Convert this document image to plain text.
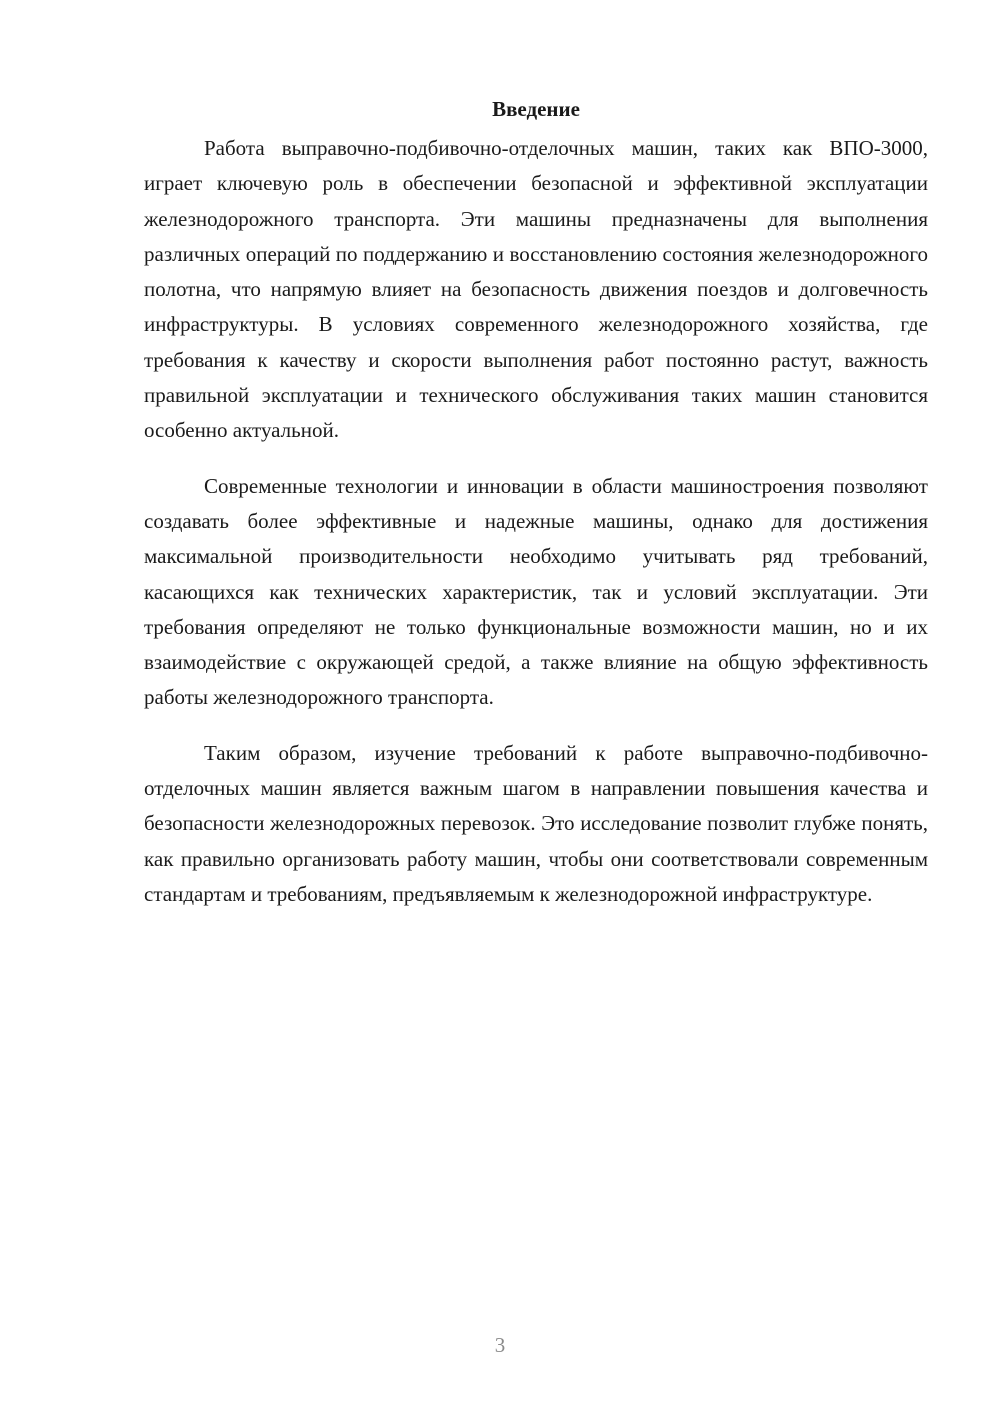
Введение

Работа выправочно-подбивочно-отделочных машин, таких как ВПО-3000, играет ключевую роль в обеспечении безопасной и эффективной эксплуатации железнодорожного транспорта. Эти машины предназначены для выполнения различных операций по поддержанию и восстановлению состояния железнодорожного полотна, что напрямую влияет на безопасность движения поездов и долговечность инфраструктуры. В условиях современного железнодорожного хозяйства, где требования к качеству и скорости выполнения работ постоянно растут, важность правильной эксплуатации и технического обслуживания таких машин становится особенно актуальной.

Современные технологии и инновации в области машиностроения позволяют создавать более эффективные и надежные машины, однако для достижения максимальной производительности необходимо учитывать ряд требований, касающихся как технических характеристик, так и условий эксплуатации. Эти требования определяют не только функциональные возможности машин, но и их взаимодействие с окружающей средой, а также влияние на общую эффективность работы железнодорожного транспорта.

Таким образом, изучение требований к работе выправочно-подбивочно-отделочных машин является важным шагом в направлении повышения качества и безопасности железнодорожных перевозок. Это исследование позволит глубже понять, как правильно организовать работу машин, чтобы они соответствовали современным стандартам и требованиям, предъявляемым к железнодорожной инфраструктуре.

3
